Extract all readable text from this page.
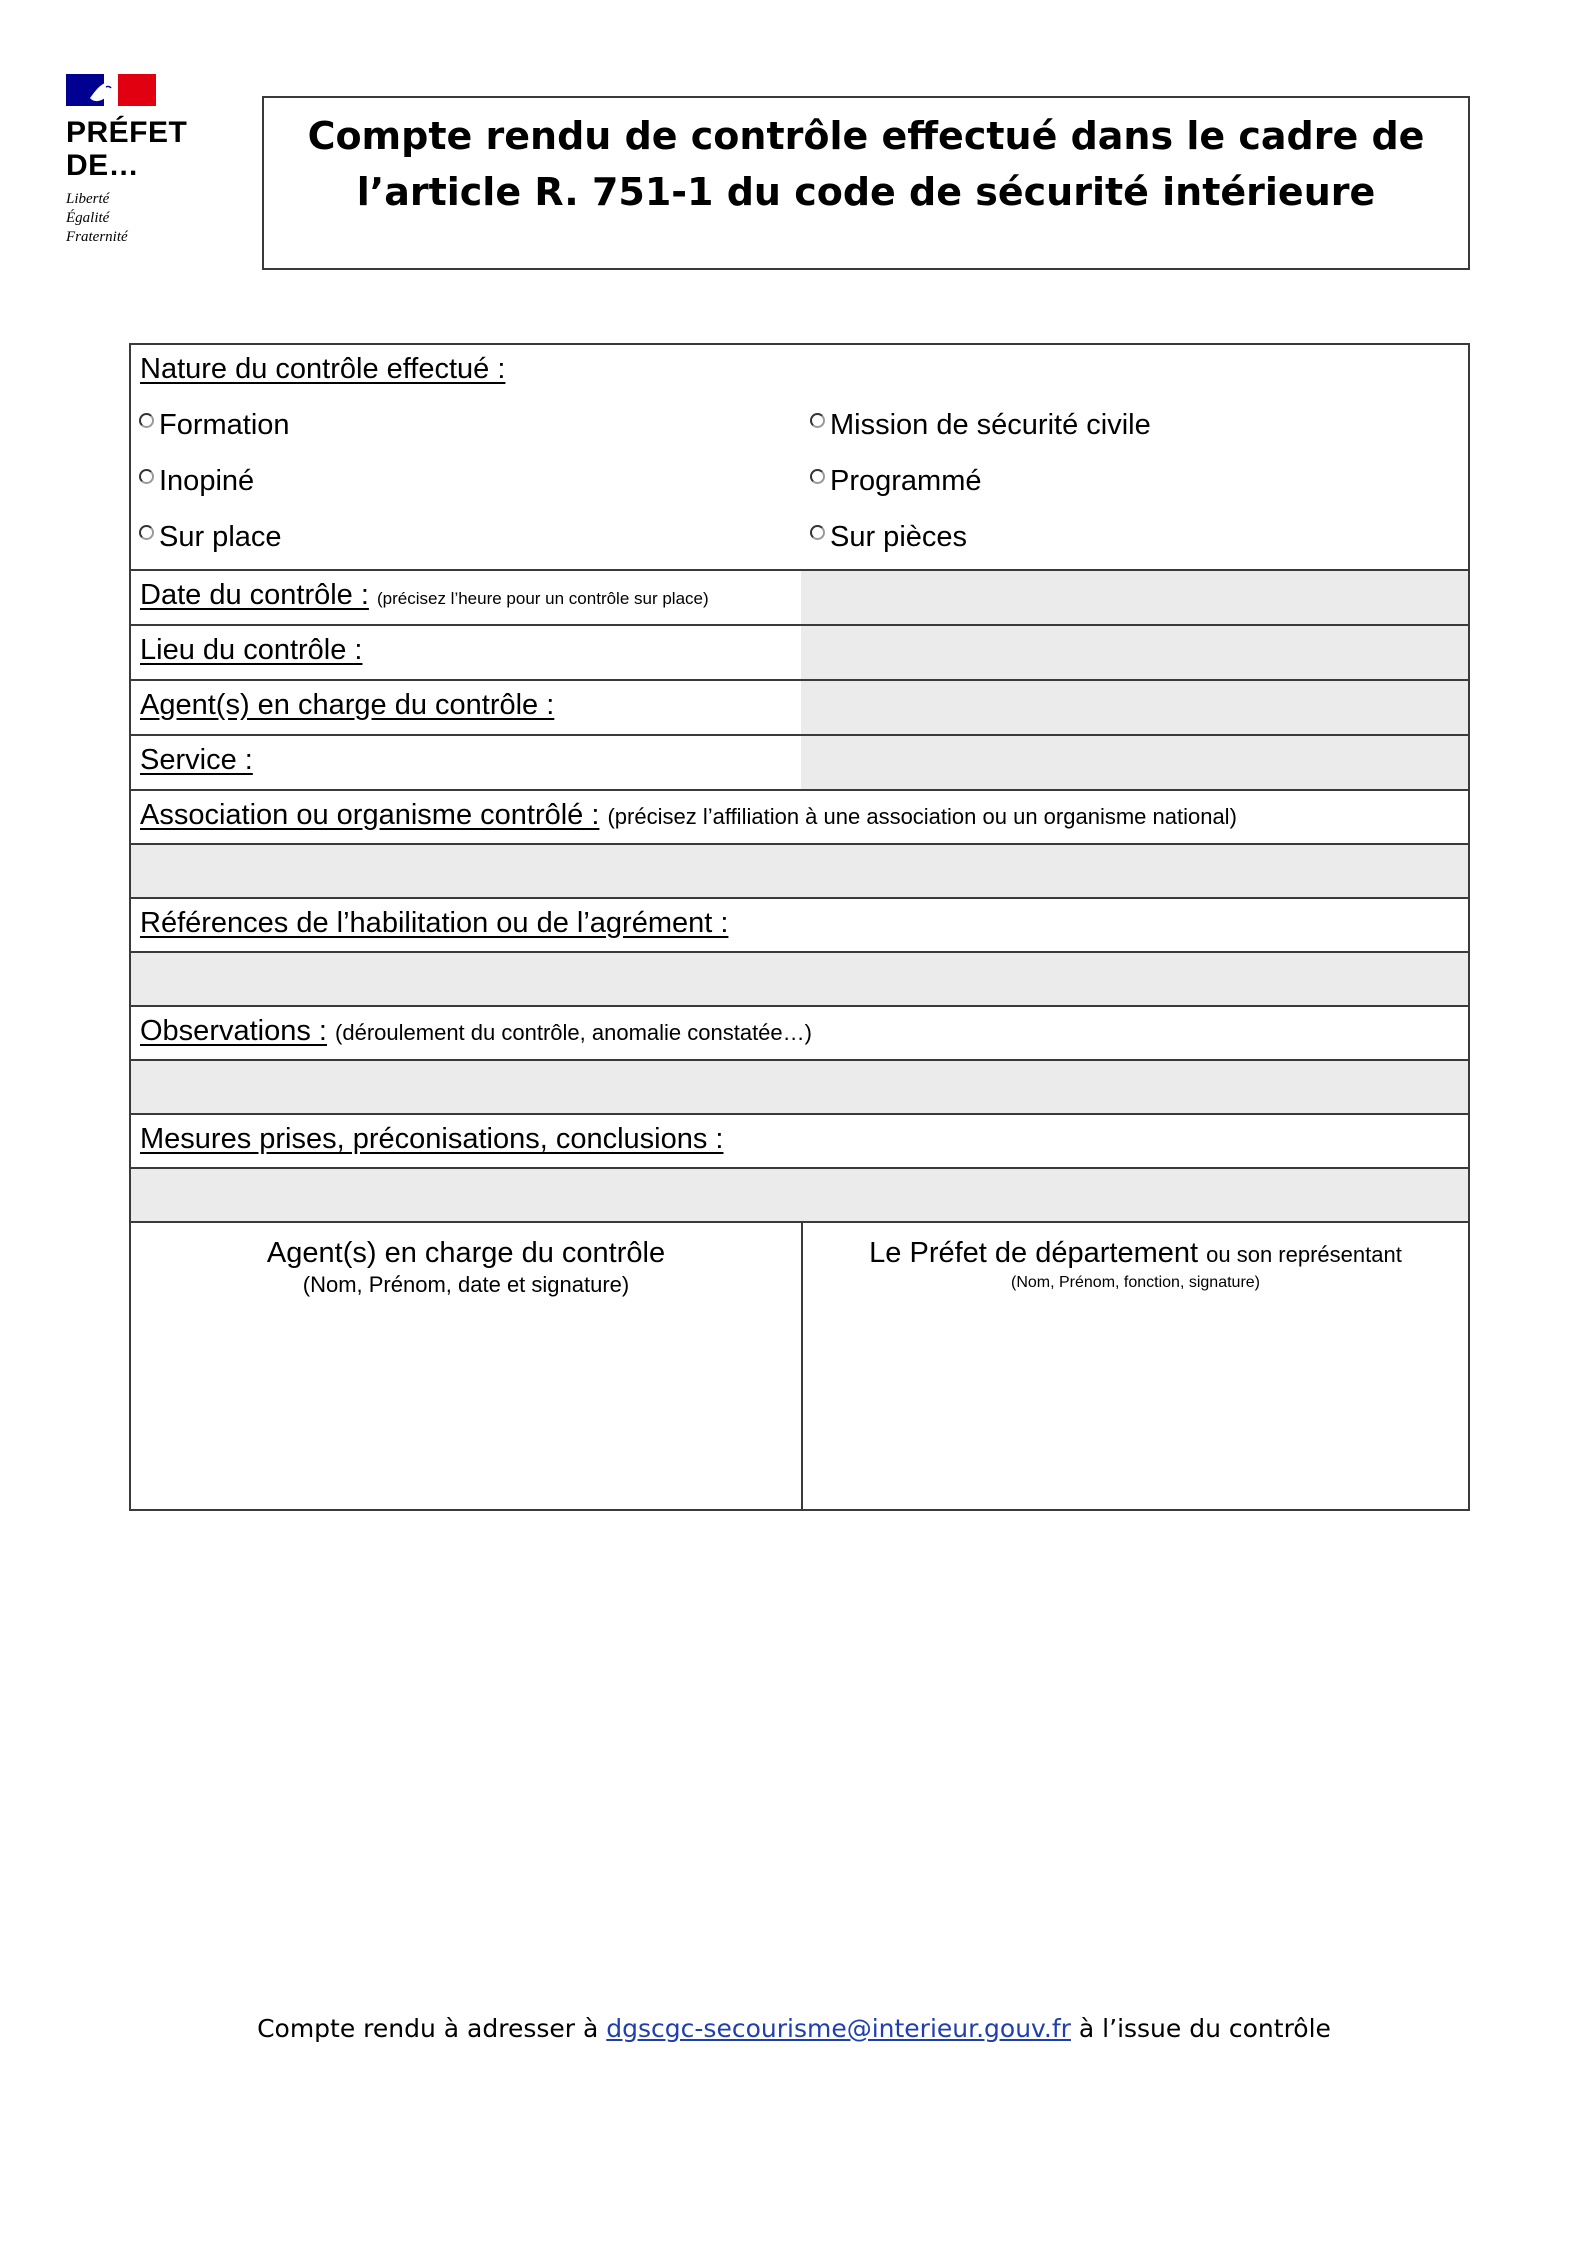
PRÉFET
DE…
Liberté
Égalité
Fraternité
Compte rendu de contrôle effectué dans le cadre de
l’article R. 751-1 du code de sécurité intérieure
Nature du contrôle effectué :
Formation	Mission de sécurité civile
Inopiné	Programmé
Sur place	Sur pièces
Date du contrôle : (précisez l’heure pour un contrôle sur place)
Lieu du contrôle :
Agent(s) en charge du contrôle :
Service :
Association ou organisme contrôlé : (précisez l’affiliation à une association ou un organisme national)
Références de l’habilitation ou de l’agrément :
Observations : (déroulement du contrôle, anomalie constatée…)
Mesures prises, préconisations, conclusions :
Agent(s) en charge du contrôle
(Nom, Prénom, date et signature)
Le Préfet de département ou son représentant
(Nom, Prénom, fonction, signature)
Compte rendu à adresser à dgscgc-secourisme@interieur.gouv.fr à l’issue du contrôle
